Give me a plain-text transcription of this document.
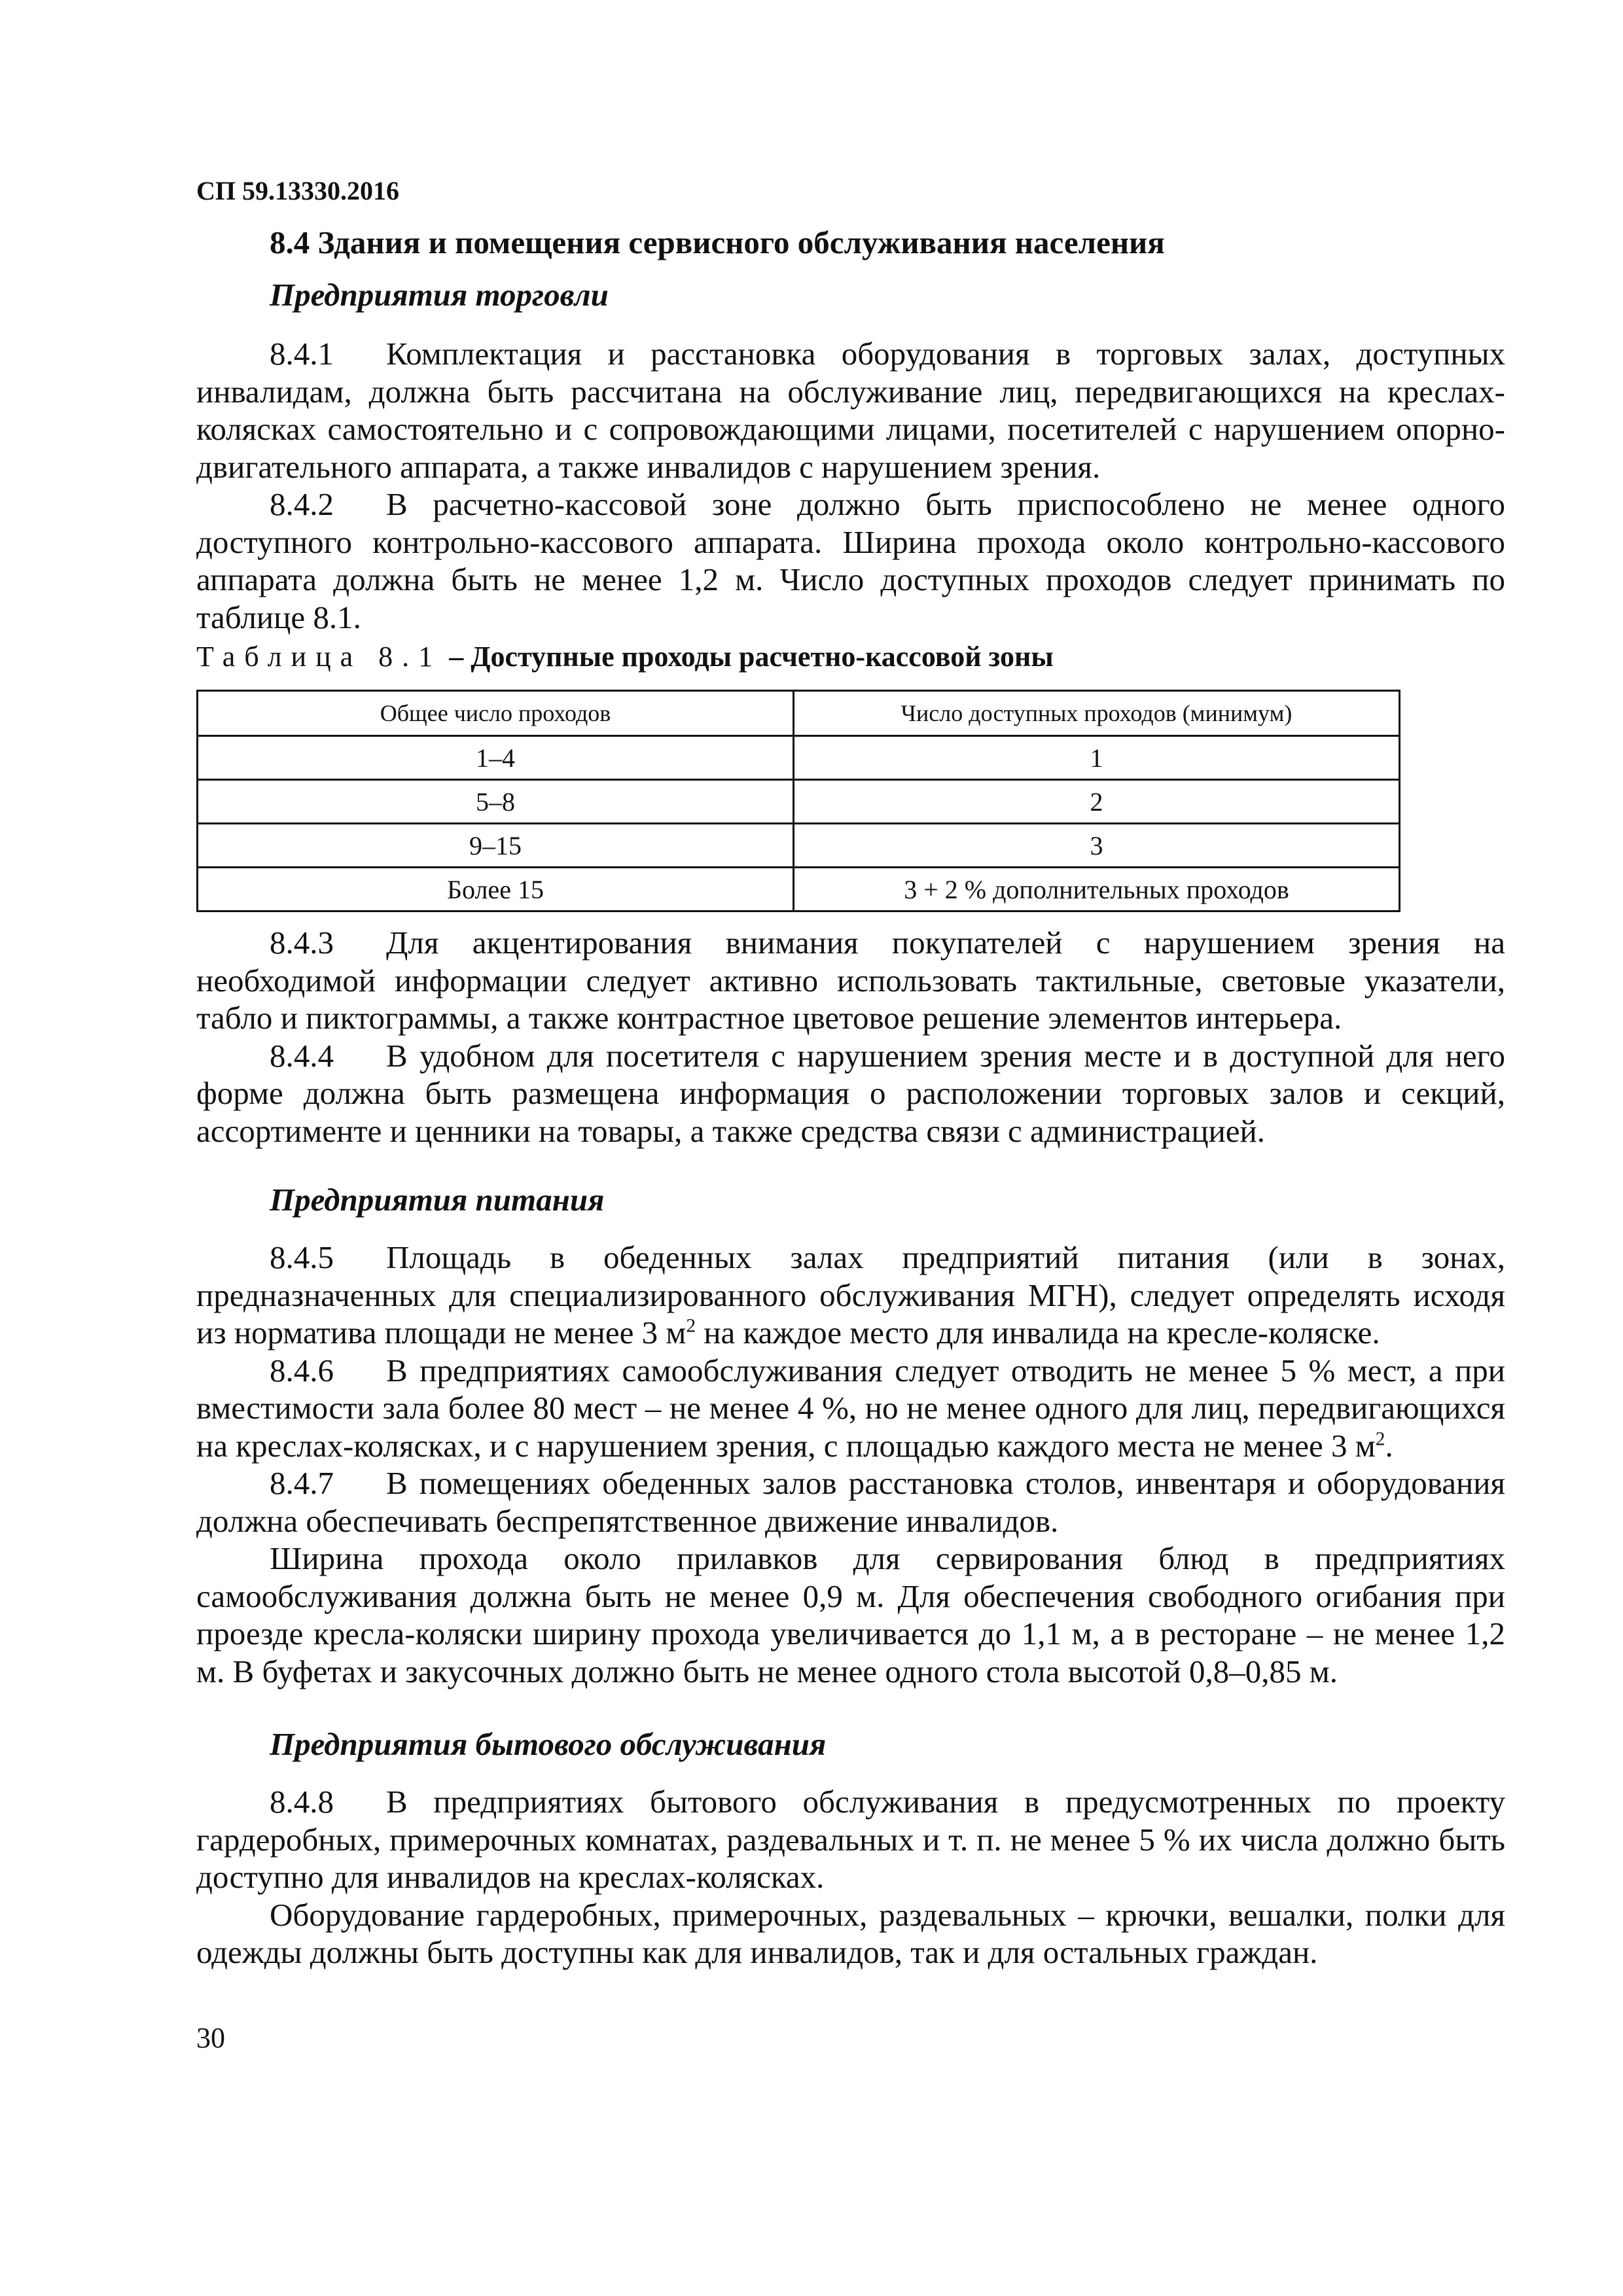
СП 59.13330.2016
8.4 Здания и помещения сервисного обслуживания населения
Предприятия торговли

8.4.1 Комплектация и расстановка оборудования в торговых залах, доступных инвалидам, должна быть рассчитана на обслуживание лиц, передвигающихся на креслах-колясках самостоятельно и с сопровождающими лицами, посетителей с нарушением опорно-двигательного аппарата, а также инвалидов с нарушением зрения.

8.4.2 В расчетно-кассовой зоне должно быть приспособлено не менее одного доступного контрольно-кассового аппарата. Ширина прохода около контрольно-кассового аппарата должна быть не менее 1,2 м. Число доступных проходов следует принимать по таблице 8.1.

Таблица 8.1 – Доступные проходы расчетно-кассовой зоны
Общее число проходов	Число доступных проходов (минимум)
1–4	1
5–8	2
9–15	3
Более 15	3 + 2 % дополнительных проходов

8.4.3 Для акцентирования внимания покупателей с нарушением зрения на необходимой информации следует активно использовать тактильные, световые указатели, табло и пиктограммы, а также контрастное цветовое решение элементов интерьера.

8.4.4 В удобном для посетителя с нарушением зрения месте и в доступной для него форме должна быть размещена информация о расположении торговых залов и секций, ассортименте и ценники на товары, а также средства связи с администрацией.

Предприятия питания

8.4.5 Площадь в обеденных залах предприятий питания (или в зонах, предназначенных для специализированного обслуживания МГН), следует определять исходя из норматива площади не менее 3 $м^2$ на каждое место для инвалида на кресле-коляске.

8.4.6 В предприятиях самообслуживания следует отводить не менее 5 % мест, а при вместимости зала более 80 мест – не менее 4 %, но не менее одного для лиц, передвигающихся на креслах-колясках, и с нарушением зрения, с площадью каждого места не менее 3 $м^2$.

8.4.7 В помещениях обеденных залов расстановка столов, инвентаря и оборудования должна обеспечивать беспрепятственное движение инвалидов.

Ширина прохода около прилавков для сервирования блюд в предприятиях самообслуживания должна быть не менее 0,9 м. Для обеспечения свободного огибания при проезде кресла-коляски ширину прохода увеличивается до 1,1 м, а в ресторане – не менее 1,2 м. В буфетах и закусочных должно быть не менее одного стола высотой 0,8–0,85 м.

Предприятия бытового обслуживания

8.4.8 В предприятиях бытового обслуживания в предусмотренных по проекту гардеробных, примерочных комнатах, раздевальных и т. п. не менее 5 % их числа должно быть доступно для инвалидов на креслах-колясках.

Оборудование гардеробных, примерочных, раздевальных – крючки, вешалки, полки для одежды должны быть доступны как для инвалидов, так и для остальных граждан.

30
